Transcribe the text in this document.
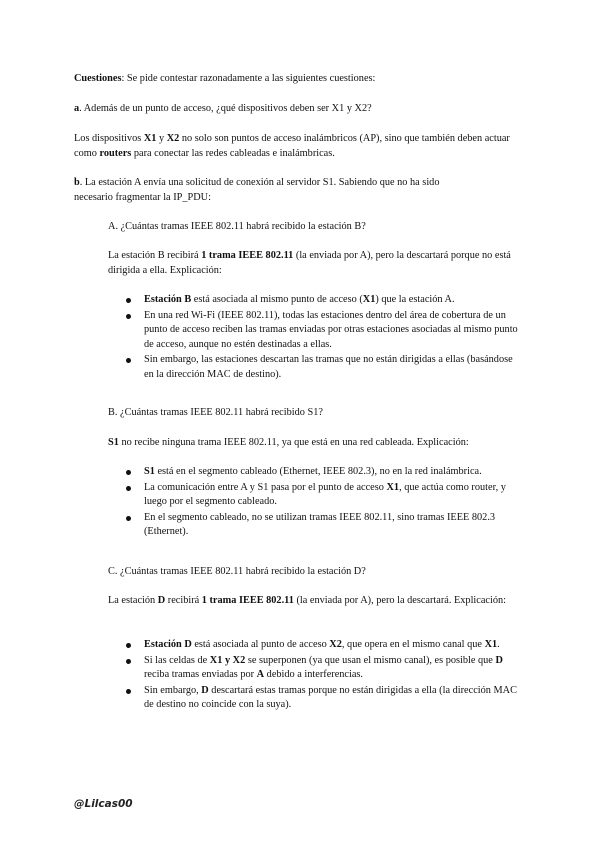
Cuestiones: Se pide contestar razonadamente a las siguientes cuestiones:

a. Además de un punto de acceso, ¿qué dispositivos deben ser X1 y X2?

Los dispositivos X1 y X2 no solo son puntos de acceso inalámbricos (AP), sino que también deben actuar como routers para conectar las redes cableadas e inalámbricas.

b. La estación A envía una solicitud de conexión al servidor S1. Sabiendo que no ha sido necesario fragmentar la IP_PDU:

A. ¿Cuántas tramas IEEE 802.11 habrá recibido la estación B?

La estación B recibirá 1 trama IEEE 802.11 (la enviada por A), pero la descartará porque no está dirigida a ella. Explicación:

Estación B está asociada al mismo punto de acceso (X1) que la estación A.
En una red Wi-Fi (IEEE 802.11), todas las estaciones dentro del área de cobertura de un punto de acceso reciben las tramas enviadas por otras estaciones asociadas al mismo punto de acceso, aunque no estén destinadas a ellas.
Sin embargo, las estaciones descartan las tramas que no están dirigidas a ellas (basándose en la dirección MAC de destino).

B. ¿Cuántas tramas IEEE 802.11 habrá recibido S1?

S1 no recibe ninguna trama IEEE 802.11, ya que está en una red cableada. Explicación:

S1 está en el segmento cableado (Ethernet, IEEE 802.3), no en la red inalámbrica.
La comunicación entre A y S1 pasa por el punto de acceso X1, que actúa como router, y luego por el segmento cableado.
En el segmento cableado, no se utilizan tramas IEEE 802.11, sino tramas IEEE 802.3 (Ethernet).

C. ¿Cuántas tramas IEEE 802.11 habrá recibido la estación D?

La estación D recibirá 1 trama IEEE 802.11 (la enviada por A), pero la descartará. Explicación:

Estación D está asociada al punto de acceso X2, que opera en el mismo canal que X1.
Si las celdas de X1 y X2 se superponen (ya que usan el mismo canal), es posible que D reciba tramas enviadas por A debido a interferencias.
Sin embargo, D descartará estas tramas porque no están dirigidas a ella (la dirección MAC de destino no coincide con la suya).
@Lilcas00
